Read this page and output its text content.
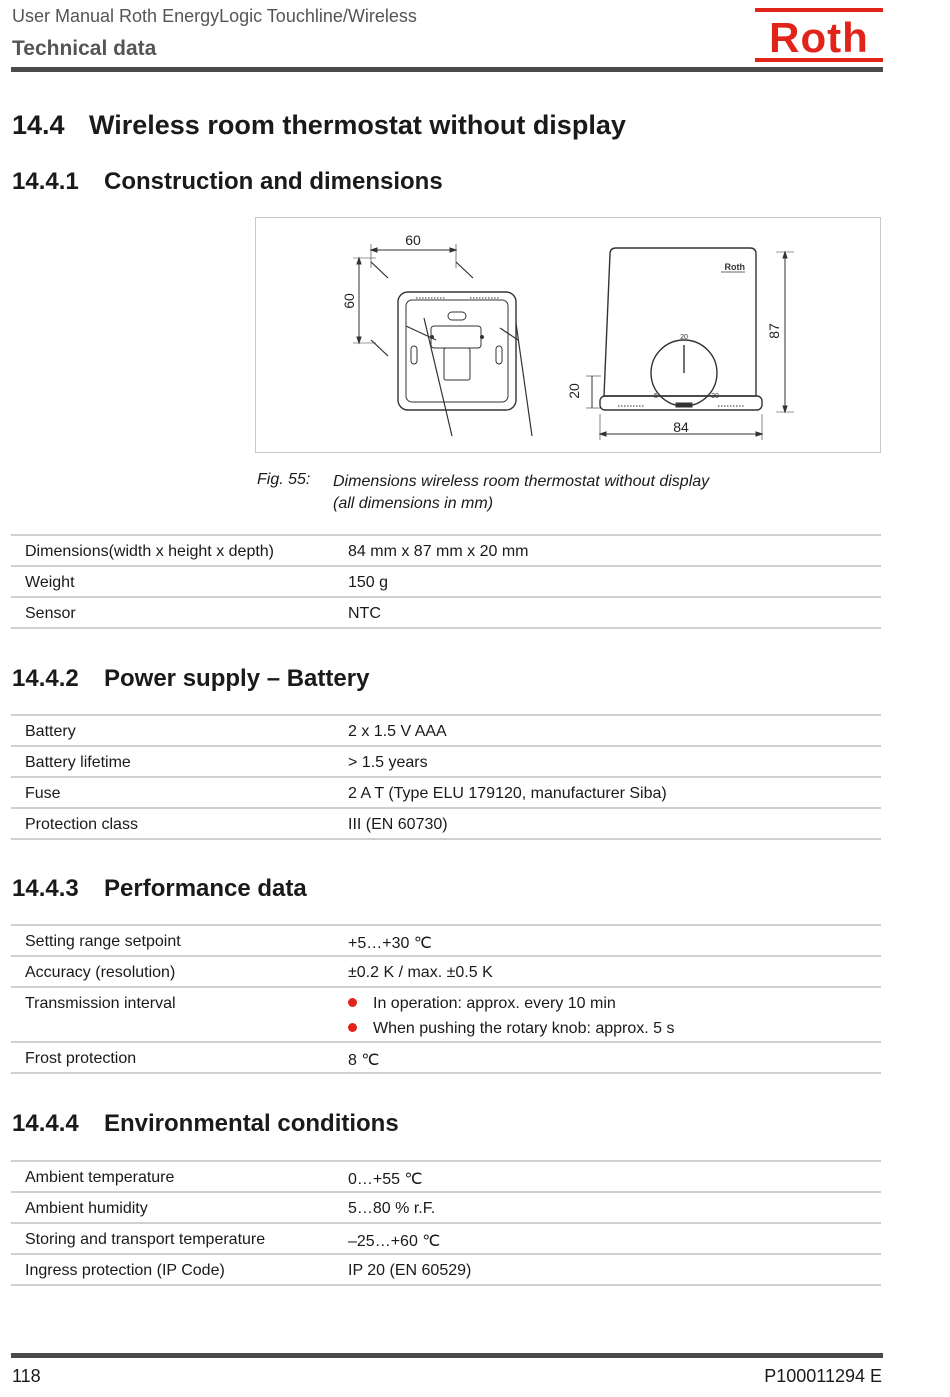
User Manual Roth EnergyLogic Touchline/Wireless
Technical data	Roth
14.4 Wireless room thermostat without display
14.4.1 Construction and dimensions
60
60
20
Roth
20
5	30
87
84
Fig. 55: Dimensions wireless room thermostat without display
(all dimensions in mm)
Dimensions(width x height x depth)	84 mm x 87 mm x 20 mm
Weight	150 g
Sensor	NTC
14.4.2 Power supply – Battery
Battery	2 x 1.5 V AAA
Battery lifetime	> 1.5 years
Fuse	2 A T (Type ELU 179120, manufacturer Siba)
Protection class	III (EN 60730)
14.4.3 Performance data
Setting range setpoint	+5…+30 ℃
Accuracy (resolution)	±0.2 K / max. ±0.5 K
Transmission interval	In operation: approx. every 10 min
When pushing the rotary knob: approx. 5 s
Frost protection	8 ℃
14.4.4 Environmental conditions
Ambient temperature	0…+55 ℃
Ambient humidity	5…80 % r.F.
Storing and transport temperature	–25…+60 ℃
Ingress protection (IP Code)	IP 20 (EN 60529)
118	P100011294 E
